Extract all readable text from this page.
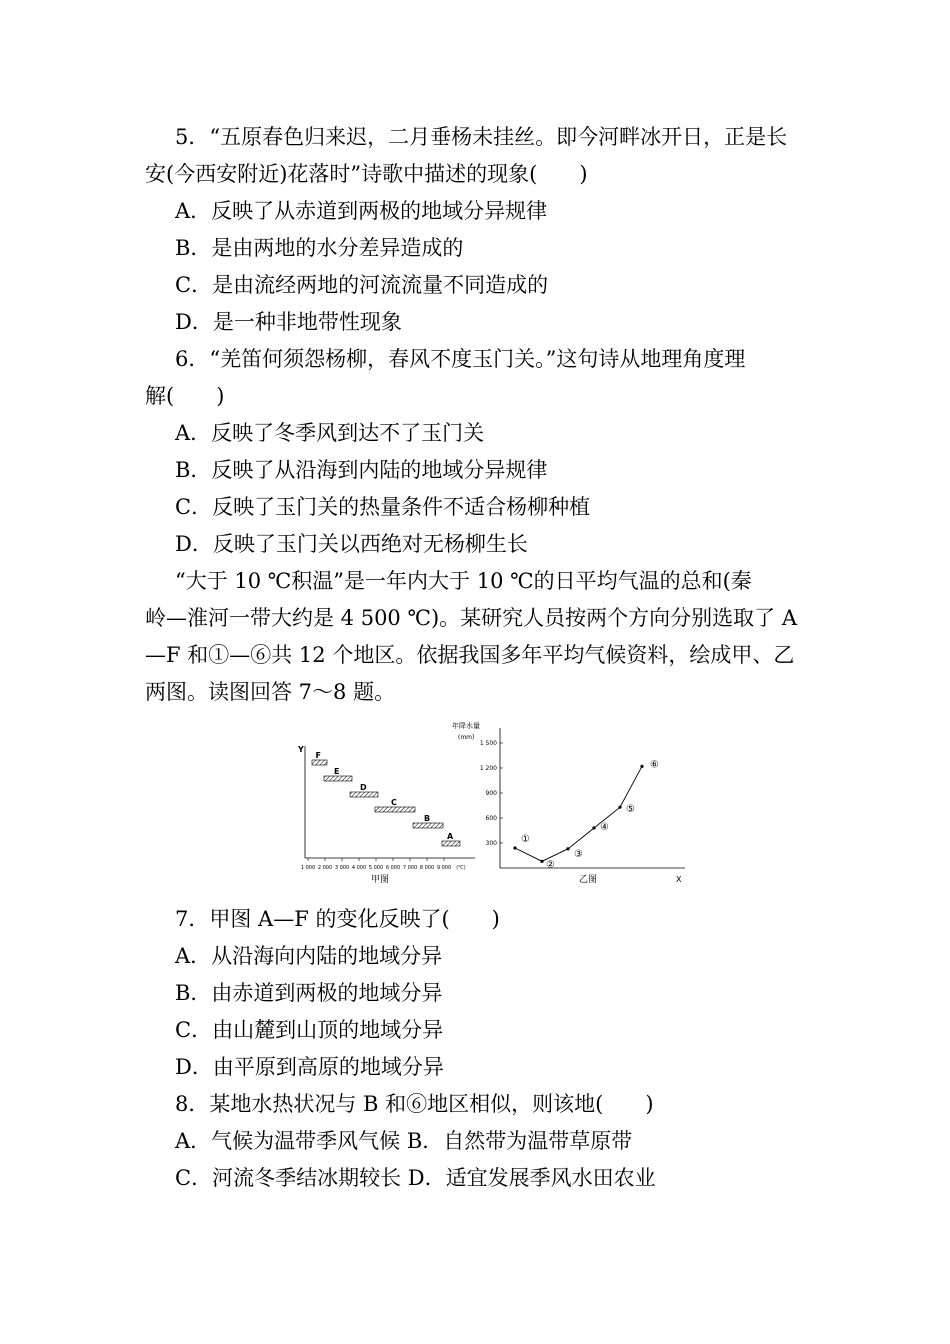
5．“五原春色归来迟，二月垂杨未挂丝。即今河畔冰开日，正是长
安(今西安附近)花落时”诗歌中描述的现象(　　)
A．反映了从赤道到两极的地域分异规律
B．是由两地的水分差异造成的
C．是由流经两地的河流流量不同造成的
D．是一种非地带性现象
6．“羌笛何须怨杨柳，春风不度玉门关。”这句诗从地理角度理
解(　　)
A．反映了冬季风到达不了玉门关
B．反映了从沿海到内陆的地域分异规律
C．反映了玉门关的热量条件不适合杨柳种植
D．反映了玉门关以西绝对无杨柳生长
“大于 10 ℃积温”是一年内大于 10 ℃的日平均气温的总和(秦
岭—淮河一带大约是 4 500 ℃)。某研究人员按两个方向分别选取了 A
—F 和①—⑥共 12 个地区。依据我国多年平均气候资料，绘成甲、乙
两图。读图回答 7～8 题。
Y
1 000 2 000 3 000 4 000 5 000 6 000 7 000 8 000 9 000 (℃)
F
E
D
C
B
A
甲图
年降水量
(mm)
1 500
1 200
900
600
300 ①
②
③
④
⑤
⑥
X
乙图
7．甲图 A—F 的变化反映了(　　)
A．从沿海向内陆的地域分异
B．由赤道到两极的地域分异
C．由山麓到山顶的地域分异
D．由平原到高原的地域分异
8．某地水热状况与 B 和⑥地区相似，则该地(　　)
A．气候为温带季风气候 B．自然带为温带草原带
C．河流冬季结冰期较长 D．适宜发展季风水田农业
